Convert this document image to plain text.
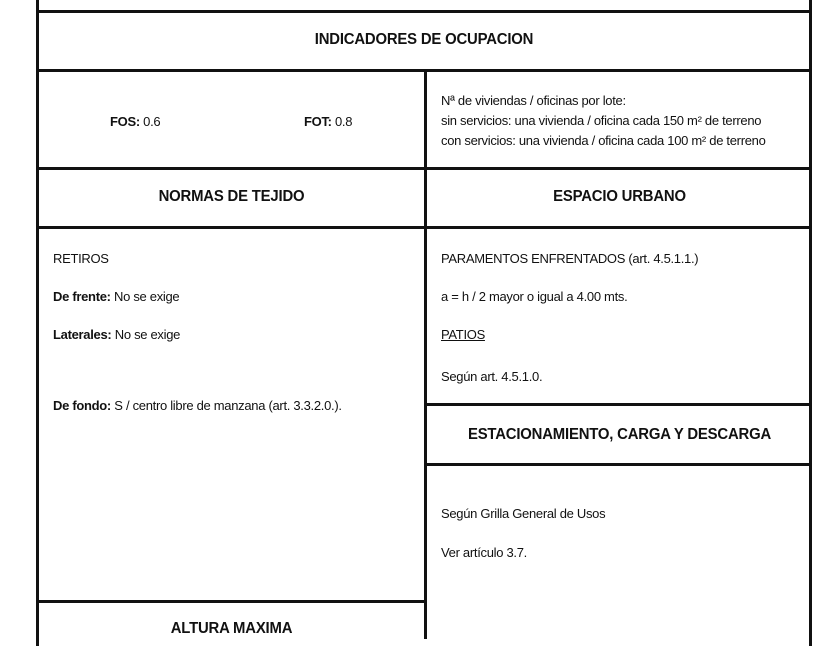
INDICADORES DE OCUPACION
FOS: 0.6	FOT: 0.8
Nª de viviendas / oficinas por lote:
sin servicios: una vivienda / oficina cada 150 m² de terreno
con servicios: una vivienda / oficina cada 100 m² de terreno
NORMAS DE TEJIDO	ESPACIO URBANO
RETIROS
De frente: No se exige
Laterales: No se exige
De fondo: S / centro libre de manzana (art. 3.3.2.0.).
PARAMENTOS ENFRENTADOS (art. 4.5.1.1.)
a = h / 2 mayor o igual a 4.00 mts.
PATIOS
Según art. 4.5.1.0.
ESTACIONAMIENTO, CARGA Y DESCARGA
Según Grilla General de Usos
Ver artículo 3.7.
ALTURA MAXIMA
